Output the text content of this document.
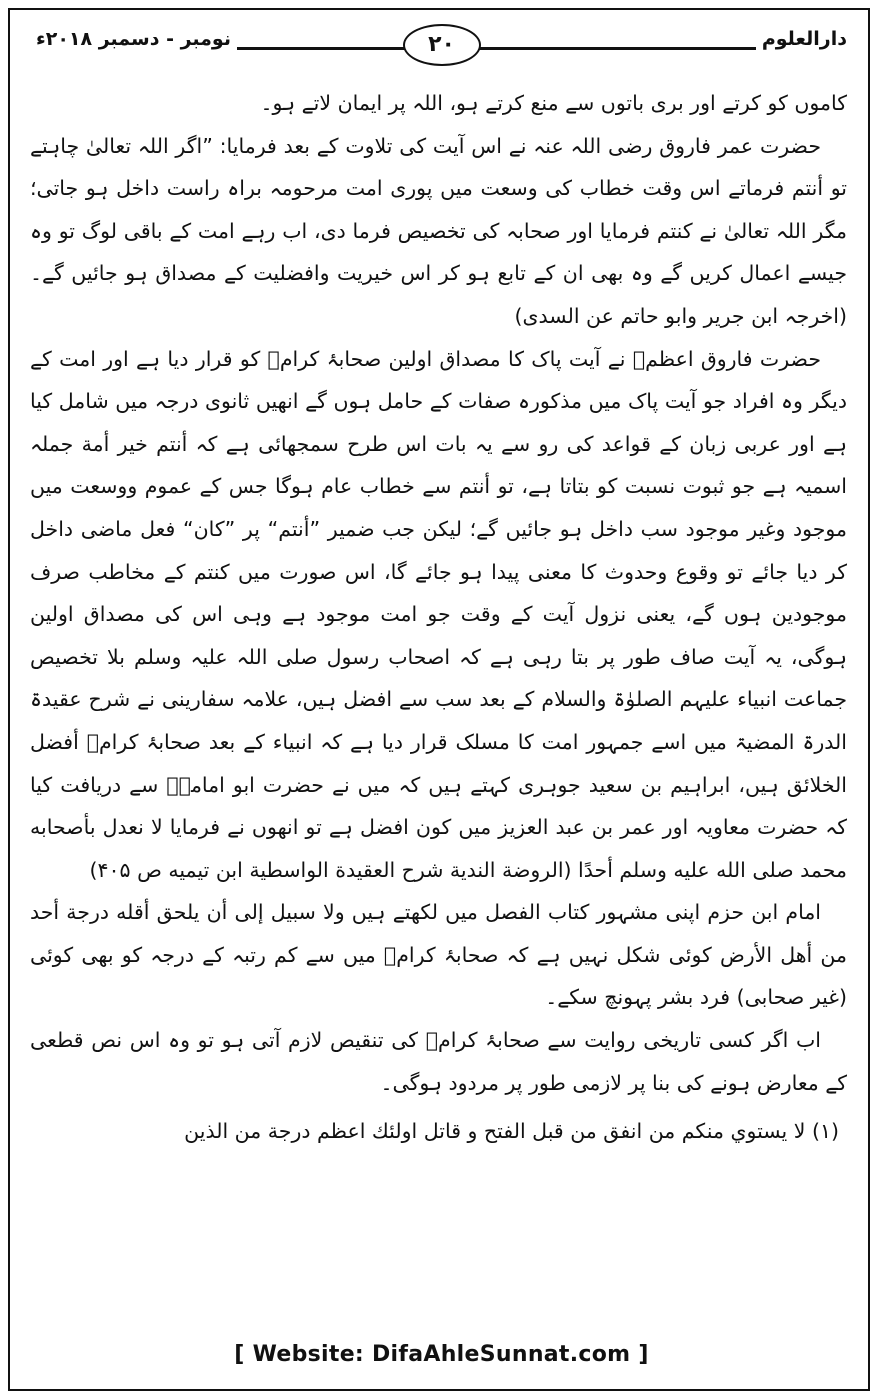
دارالعلوم
۲۰
نومبر - دسمبر ۲۰۱۸ء

کاموں کو کرتے اور بری باتوں سے منع کرتے ہو، اللہ پر ایمان لاتے ہو۔

حضرت عمر فاروق رضی اللہ عنہ نے اس آیت کی تلاوت کے بعد فرمایا: ”اگر اللہ تعالیٰ چاہتے تو أنتم فرماتے اس وقت خطاب کی وسعت میں پوری امت مرحومہ براہ راست داخل ہو جاتی؛ مگر اللہ تعالیٰ نے كنتم فرمایا اور صحابہ کی تخصیص فرما دی، اب رہے امت کے باقی لوگ تو وہ جیسے اعمال کریں گے وہ بھی ان کے تابع ہو کر اس خیریت وافضلیت کے مصداق ہو جائیں گے۔ (اخرجہ ابن جریر وابو حاتم عن السدی)

حضرت فاروق اعظمؓ نے آیت پاک کا مصداق اولین صحابۂ کرامؓ کو قرار دیا ہے اور امت کے دیگر وہ افراد جو آیت پاک میں مذکورہ صفات کے حامل ہوں گے انھیں ثانوی درجہ میں شامل کیا ہے اور عربی زبان کے قواعد کی رو سے یہ بات اس طرح سمجھائی ہے کہ أنتم خير أمة جملہ اسمیہ ہے جو ثبوت نسبت کو بتاتا ہے، تو أنتم سے خطاب عام ہوگا جس کے عموم ووسعت میں موجود وغیر موجود سب داخل ہو جائیں گے؛ لیکن جب ضمیر ”أنتم“ پر ”كان“ فعل ماضی داخل کر دیا جائے تو وقوع وحدوث کا معنی پیدا ہو جائے گا، اس صورت میں كنتم کے مخاطب صرف موجودین ہوں گے، یعنی نزول آیت کے وقت جو امت موجود ہے وہی اس کی مصداق اولین ہوگی، یہ آیت صاف طور پر بتا رہی ہے کہ اصحاب رسول صلی اللہ علیہ وسلم بلا تخصیص جماعت انبیاء علیہم الصلوٰۃ والسلام کے بعد سب سے افضل ہیں، علامہ سفارینی نے شرح عقیدۃ الدرۃ المضیۃ میں اسے جمہور امت کا مسلک قرار دیا ہے کہ انبیاء کے بعد صحابۂ کرامؓ أفضل الخلائق ہیں، ابراہیم بن سعید جوہری کہتے ہیں کہ میں نے حضرت ابو امامہؓ سے دریافت کیا کہ حضرت معاویہ اور عمر بن عبد العزیز میں کون افضل ہے تو انھوں نے فرمایا لا نعدل بأصحابه محمد صلى الله عليه وسلم أحدًا (الروضة الندية شرح العقيدة الواسطية ابن تيميه ص ۴۰۵)

امام ابن حزم اپنی مشہور کتاب الفصل میں لکھتے ہیں ولا سبيل إلى أن يلحق أقله درجة أحد من أهل الأرض کوئی شکل نہیں ہے کہ صحابۂ کرامؓ میں سے کم رتبہ کے درجہ کو بھی کوئی (غیر صحابی) فرد بشر پہونچ سکے۔

اب اگر کسی تاریخی روایت سے صحابۂ کرامؓ کی تنقیص لازم آتی ہو تو وہ اس نص قطعی کے معارض ہونے کی بنا پر لازمی طور پر مردود ہوگی۔

(۱) لا يستوي منكم من انفق من قبل الفتح و قاتل اولئك اعظم درجة من الذين

[ Website: DifaAhleSunnat.com ]
